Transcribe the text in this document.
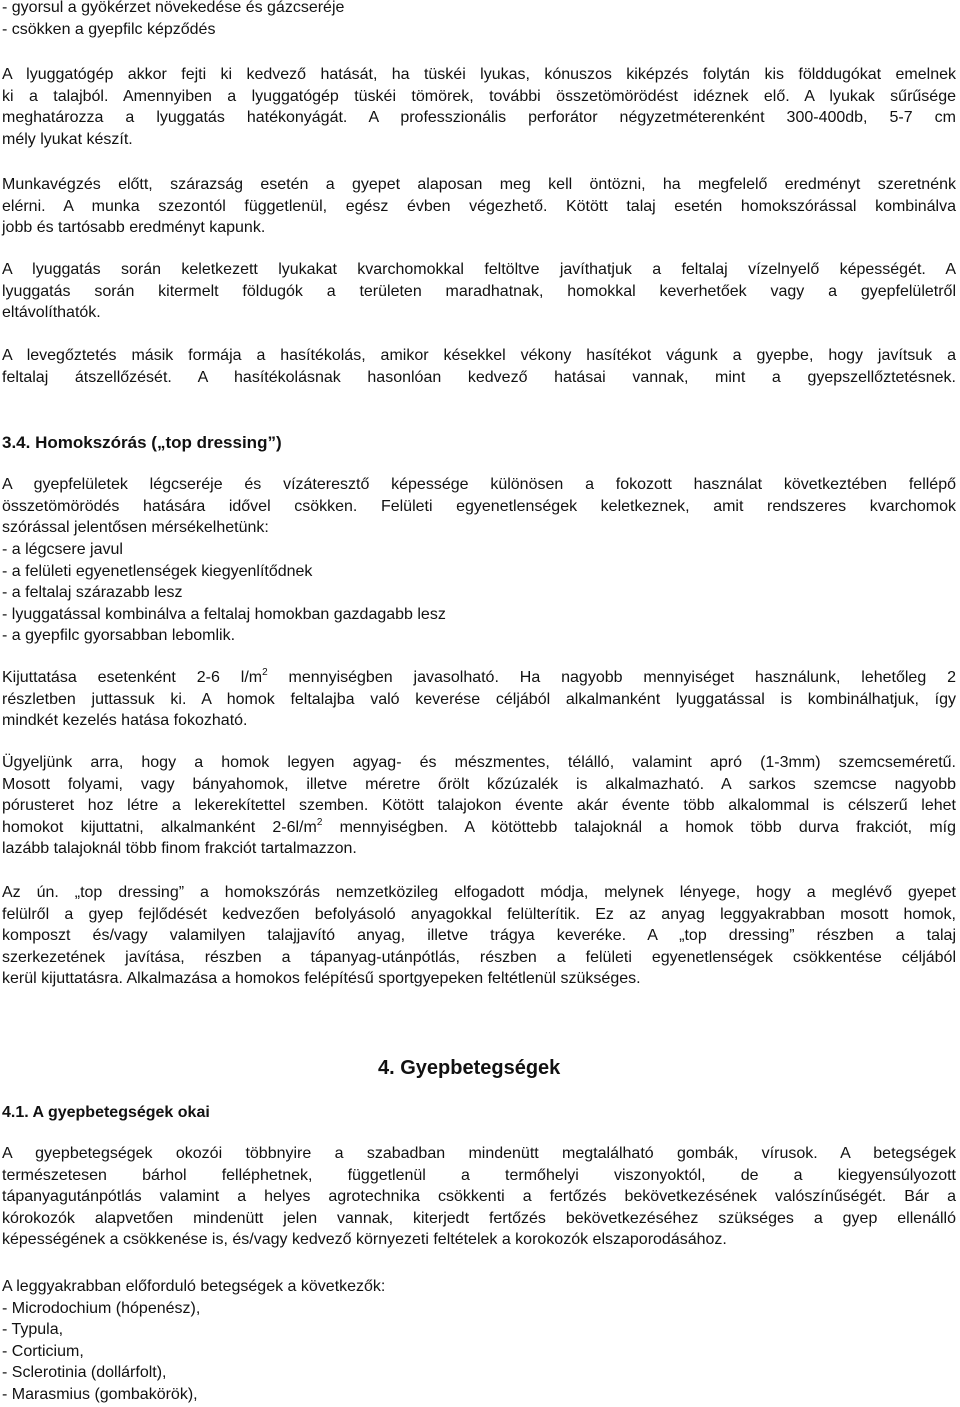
- gyorsul a gyökérzet növekedése és gázcseréje
- csökken a gyepfilc képződés
A lyuggatógép akkor fejti ki kedvező hatását, ha tüskéi lyukas, kónuszos kiképzés folytán kis földdugókat emelnek
ki a talajból. Amennyiben a lyuggatógép tüskéi tömörek, további összetömörödést idéznek elő. A lyukak sűrűsége
meghatározza a lyuggatás hatékonyágát. A professzionális perforátor négyzetméterenként 300-400db, 5-7 cm
mély lyukat készít.
Munkavégzés előtt, szárazság esetén a gyepet alaposan meg kell öntözni, ha megfelelő eredményt szeretnénk
elérni. A munka szezontól függetlenül, egész évben végezhető. Kötött talaj esetén homokszórással kombinálva
jobb és tartósabb eredményt kapunk.
A lyuggatás során keletkezett lyukakat kvarchomokkal feltöltve javíthatjuk a feltalaj vízelnyelő képességét. A
lyuggatás során kitermelt földugók a területen maradhatnak, homokkal keverhetőek vagy a gyepfelületről
eltávolíthatók.
A levegőztetés másik formája a hasítékolás, amikor késekkel vékony hasítékot vágunk a gyepbe, hogy javítsuk a
feltalaj átszellőzését. A hasítékolásnak hasonlóan kedvező hatásai vannak, mint a gyepszellőztetésnek.
3.4. Homokszórás („top dressing”)
A gyepfelületek légcseréje és vízáteresztő képessége különösen a fokozott használat következtében fellépő
összetömörödés hatására idővel csökken. Felületi egyenetlenségek keletkeznek, amit rendszeres kvarchomok
szórással jelentősen mérsékelhetünk:
- a légcsere javul
- a felületi egyenetlenségek kiegyenlítődnek
- a feltalaj szárazabb lesz
- lyuggatással kombinálva a feltalaj homokban gazdagabb lesz
- a gyepfilc gyorsabban lebomlik.
Kijuttatása esetenként 2-6 $l/m^2$ mennyiségben javasolható. Ha nagyobb mennyiséget használunk, lehetőleg 2
részletben juttassuk ki. A homok feltalajba való keverése céljából alkalmanként lyuggatással is kombinálhatjuk, így
mindkét kezelés hatása fokozható.
Ügyeljünk arra, hogy a homok legyen agyag- és mészmentes, télálló, valamint apró (1-3mm) szemcseméretű.
Mosott folyami, vagy bányahomok, illetve méretre őrölt kőzúzalék is alkalmazható. A sarkos szemcse nagyobb
pórusteret hoz létre a lekerekítettel szemben. Kötött talajokon évente akár évente több alkalommal is célszerű lehet
homokot kijuttatni, alkalmanként $2-6l/m^2$ mennyiségben. A kötöttebb talajoknál a homok több durva frakciót, míg
lazább talajoknál több finom frakciót tartalmazzon.
Az ún. „top dressing” a homokszórás nemzetközileg elfogadott módja, melynek lényege, hogy a meglévő gyepet
felülről a gyep fejlődését kedvezően befolyásoló anyagokkal felülterítik. Ez az anyag leggyakrabban mosott homok,
komposzt és/vagy valamilyen talajjavító anyag, illetve trágya keveréke. A „top dressing” részben a talaj
szerkezetének javítása, részben a tápanyag-utánpótlás, részben a felületi egyenetlenségek csökkentése céljából
kerül kijuttatásra. Alkalmazása a homokos felépítésű sportgyepeken feltétlenül szükséges.
4. Gyepbetegségek
4.1. A gyepbetegségek okai
A gyepbetegségek okozói többnyire a szabadban mindenütt megtalálható gombák, vírusok. A betegségek
természetesen bárhol felléphetnek, függetlenül a termőhelyi viszonyoktól, de a kiegyensúlyozott
tápanyagutánpótlás valamint a helyes agrotechnika csökkenti a fertőzés bekövetkezésének valószínűségét. Bár a
kórokozók alapvetően mindenütt jelen vannak, kiterjedt fertőzés bekövetkezéséhez szükséges a gyep ellenálló
képességének a csökkenése is, és/vagy kedvező környezeti feltételek a korokozók elszaporodásához.
A leggyakrabban előforduló betegségek a következők:
- Microdochium (hópenész),
- Typula,
- Corticium,
- Sclerotinia (dollárfolt),
- Marasmius (gombakörök),
